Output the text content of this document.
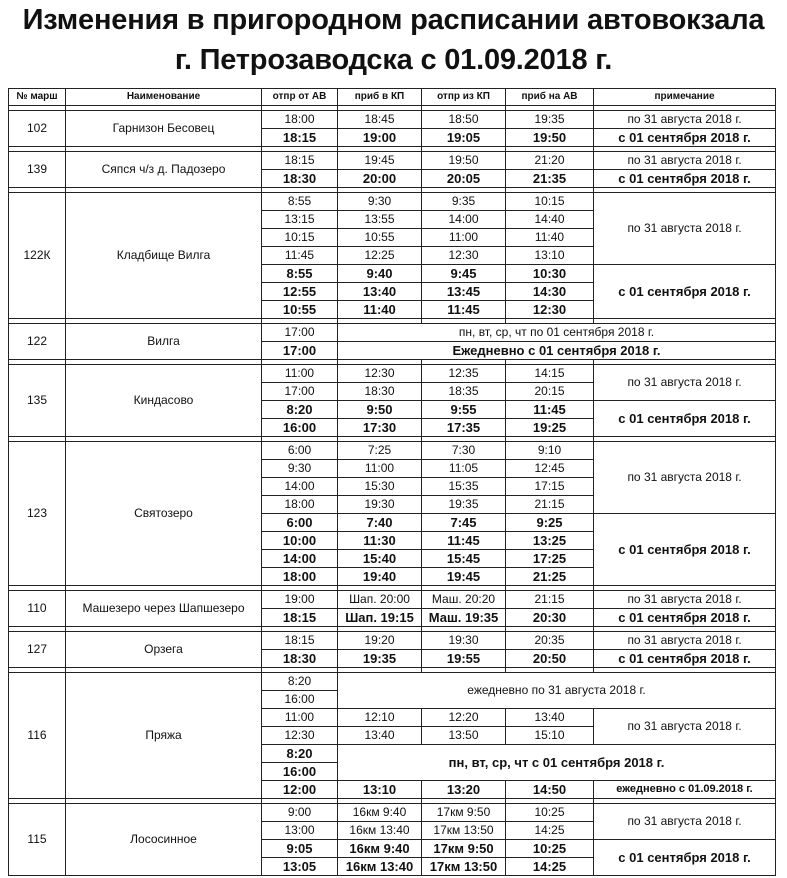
Изменения в пригородном расписании автовокзала
г. Петрозаводска с 01.09.2018 г.
№ марш	Наименование	отпр от АВ	приб в КП	отпр из КП	приб на АВ	примечание

102	Гарнизон Бесовец	18:00	18:45	18:50	19:35	по 31 августа 2018 г.
		18:15	19:00	19:05	19:50	с 01 сентября 2018 г.

139	Сяпся ч/з д. Падозеро	18:15	19:45	19:50	21:20	по 31 августа 2018 г.
		18:30	20:00	20:05	21:35	с 01 сентября 2018 г.

122К	Кладбище Вилга	8:55	9:30	9:35	10:15	по 31 августа 2018 г.
		13:15	13:55	14:00	14:40	
		10:15	10:55	11:00	11:40	
		11:45	12:25	12:30	13:10	
		8:55	9:40	9:45	10:30	с 01 сентября 2018 г.
		12:55	13:40	13:45	14:30	
		10:55	11:40	11:45	12:30	

122	Вилга	17:00	пн, вт, ср, чт по 01 сентября 2018 г.			
		17:00	Ежедневно с 01 сентября 2018 г.			

135	Киндасово	11:00	12:30	12:35	14:15	по 31 августа 2018 г.
		17:00	18:30	18:35	20:15	
		8:20	9:50	9:55	11:45	с 01 сентября 2018 г.
		16:00	17:30	17:35	19:25	

123	Святозеро	6:00	7:25	7:30	9:10	по 31 августа 2018 г.
		9:30	11:00	11:05	12:45	
		14:00	15:30	15:35	17:15	
		18:00	19:30	19:35	21:15	
		6:00	7:40	7:45	9:25	с 01 сентября 2018 г.
		10:00	11:30	11:45	13:25	
		14:00	15:40	15:45	17:25	
		18:00	19:40	19:45	21:25	

110	Машезеро через Шапшезеро	19:00	Шап. 20:00	Маш. 20:20	21:15	по 31 августа 2018 г.
		18:15	Шап. 19:15	Маш. 19:35	20:30	с 01 сентября 2018 г.

127	Орзега	18:15	19:20	19:30	20:35	по 31 августа 2018 г.
		18:30	19:35	19:55	20:50	с 01 сентября 2018 г.

116	Пряжа	8:20	ежедневно по 31 августа 2018 г.			
		16:00				
		11:00	12:10	12:20	13:40	по 31 августа 2018 г.
		12:30	13:40	13:50	15:10	
		8:20	пн, вт, ср, чт с 01 сентября 2018 г.			
		16:00				
		12:00	13:10	13:20	14:50	ежедневно с 01.09.2018 г.

115	Лососинное	9:00	16км 9:40	17км 9:50	10:25	по 31 августа 2018 г.
		13:00	16км 13:40	17км 13:50	14:25	
		9:05	16км 9:40	17км 9:50	10:25	с 01 сентября 2018 г.
		13:05	16км 13:40	17км 13:50	14:25	
